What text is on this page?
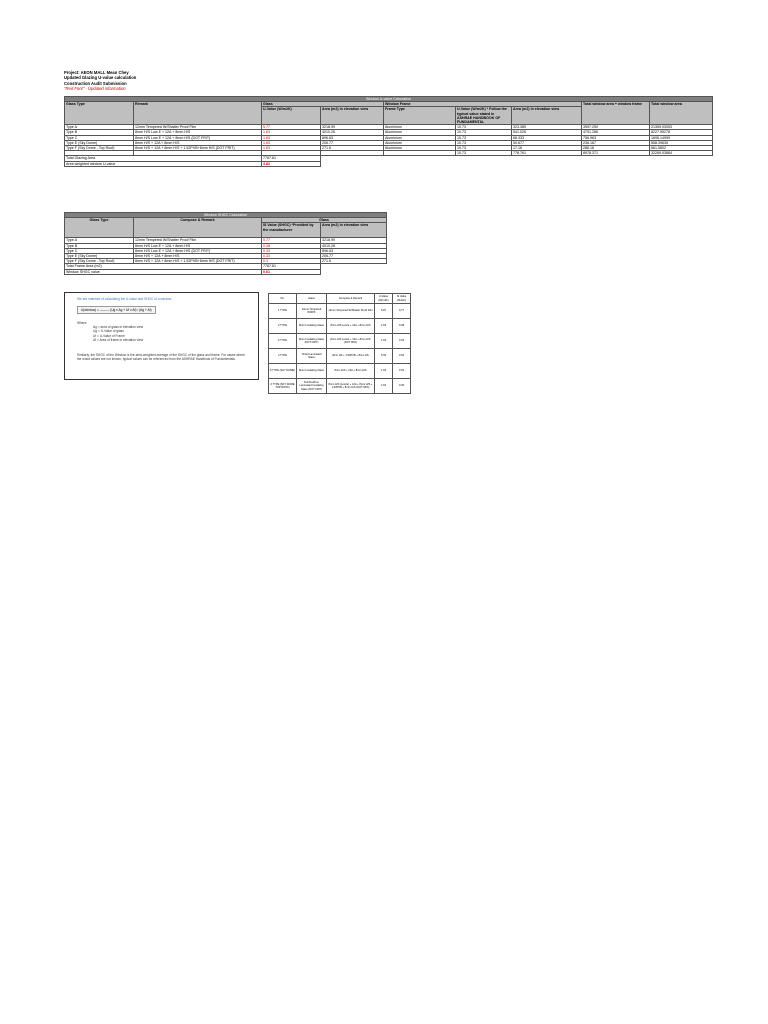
Project: AEON MALL Mean Chey
Updated Glazing U-value calculation
Construction Audit Submission
"Red Font" - Updated information
Window U-value Calculation								
Glass Type	Remark	Glass		Window Frame			Total window area + window frame	Total window area
		U-Value (W/m2K)	Area (m2) in elevation view	Frame Type	U-Value (W/m2K) * Follow the typical value stated in ASHRAE HANDBOOK OF FUNDAMENTAL	Area (m2) in elevation view		
Type A	12mm Tempered W/Shatter Proof Film	5.77	3218.99	Aluminium	10.73	323.385	3597.250	21359.03053
Type B	8mm H/S Low E + 12A + 8mm H/S	1.63	4010.26	Aluminium	10.73	541.026	4751.286	8227.95278
Type C	8mm H/S Low E + 12A + 8mm H/S (DOT FRIT)	1.63	896.63	Aluminium	10.73	68.333	756.963	1695.14999
Type E (Sky Dome)	8mm H/S + 12A + 8mm H/S	1.63	206.77	Aluminium	10.73	30.677	236.167	558.39635
Type F (Sky Dome - Top Roof)	8mm H/S + 12A + 8mm H/S + 1.52PVB+8mm H/S (DOT FRIT)	1.63	271.6	Aluminium	10.73	17.16	288.16	661.5802
					10.73	778.761	8978.371	32269.03884
Total Glazing Area		7787.61						
Area weighted window U-value		3.82						
Window SHGC Calculation			
Glass Type	Compose & Remark	Glass	
		SI Value (SHGC) *Provided by the manufacturer	Area (m2) in elevation view
Type A	12mm Tempered W/Shatter Proof Film	0.77	3218.99
Type B	8mm H/S Low E + 12A + 8mm H/S	0.38	4010.26
Type C	8mm H/S Low E + 12A + 8mm H/S (DOT FRIT)	0.33	896.63
Type E (Sky Dome)	8mm H/S + 12A + 8mm H/S	0.33	206.77
Type F (Sky Dome - Top Roof)	8mm H/S + 12A + 8mm H/S + 1.52PVB+8mm H/S (DOT FRIT)	0.3	271.6
Total Frame Area (m2)		7787.61	
Window SHGC value		0.61	
We are matched of calculating the U-value and SHGC of a window:
U(window) = ——— (Ug x Ag + Uf x Af) / (Ag + Af)
Where:
Ag = area of glass in elevation view
Ug = U-Value of glass
Uf = U-Value of Frame
Af = Area of frame in elevation view
Similarly, the SHGC of the Window is the area-weighted average of the SHGC of the glass and frame. For cases where the exact values are not known, typical values can be referenced from the ASHRAE Handbook of Fundamentals.
No.	Glass	Compose & Remark	U-Value (W/m2K)	SI Value (SHGC)
1 TYPE	12mm Tempered W/SPF	12mm Tempered W/Shatter Proof Film	5.87	0.77
2 TYPE	8mm Insulating Glass	8mm H/S Low E + 12A + 8mm H/S	1.63	0.38
3 TYPE	8mm Insulating Glass (DOT FRIT)	8mm H/S Low E + 12A + 8mm H/S (DOT 90%)	1.63	0.33
4 TYPE	Tinted Laminated Glass	8mm HS + 1.52PVB + 8mm HS	5.39	0.54
5 TYPE (SKY DOME)	8mm Insulating Glass	8mm H/S + 12A + 8mm H/S	1.63	0.33
6 TYPE (SKY DOME TOP ROOF)	8+12A+8mm Laminated Insulating Glass (DOT FRIT)	8mm H/S (Low E) + 12A + 8mm H/S + 1.52PVB + 8mm H/S (DOT 90%)	1.63	0.30
